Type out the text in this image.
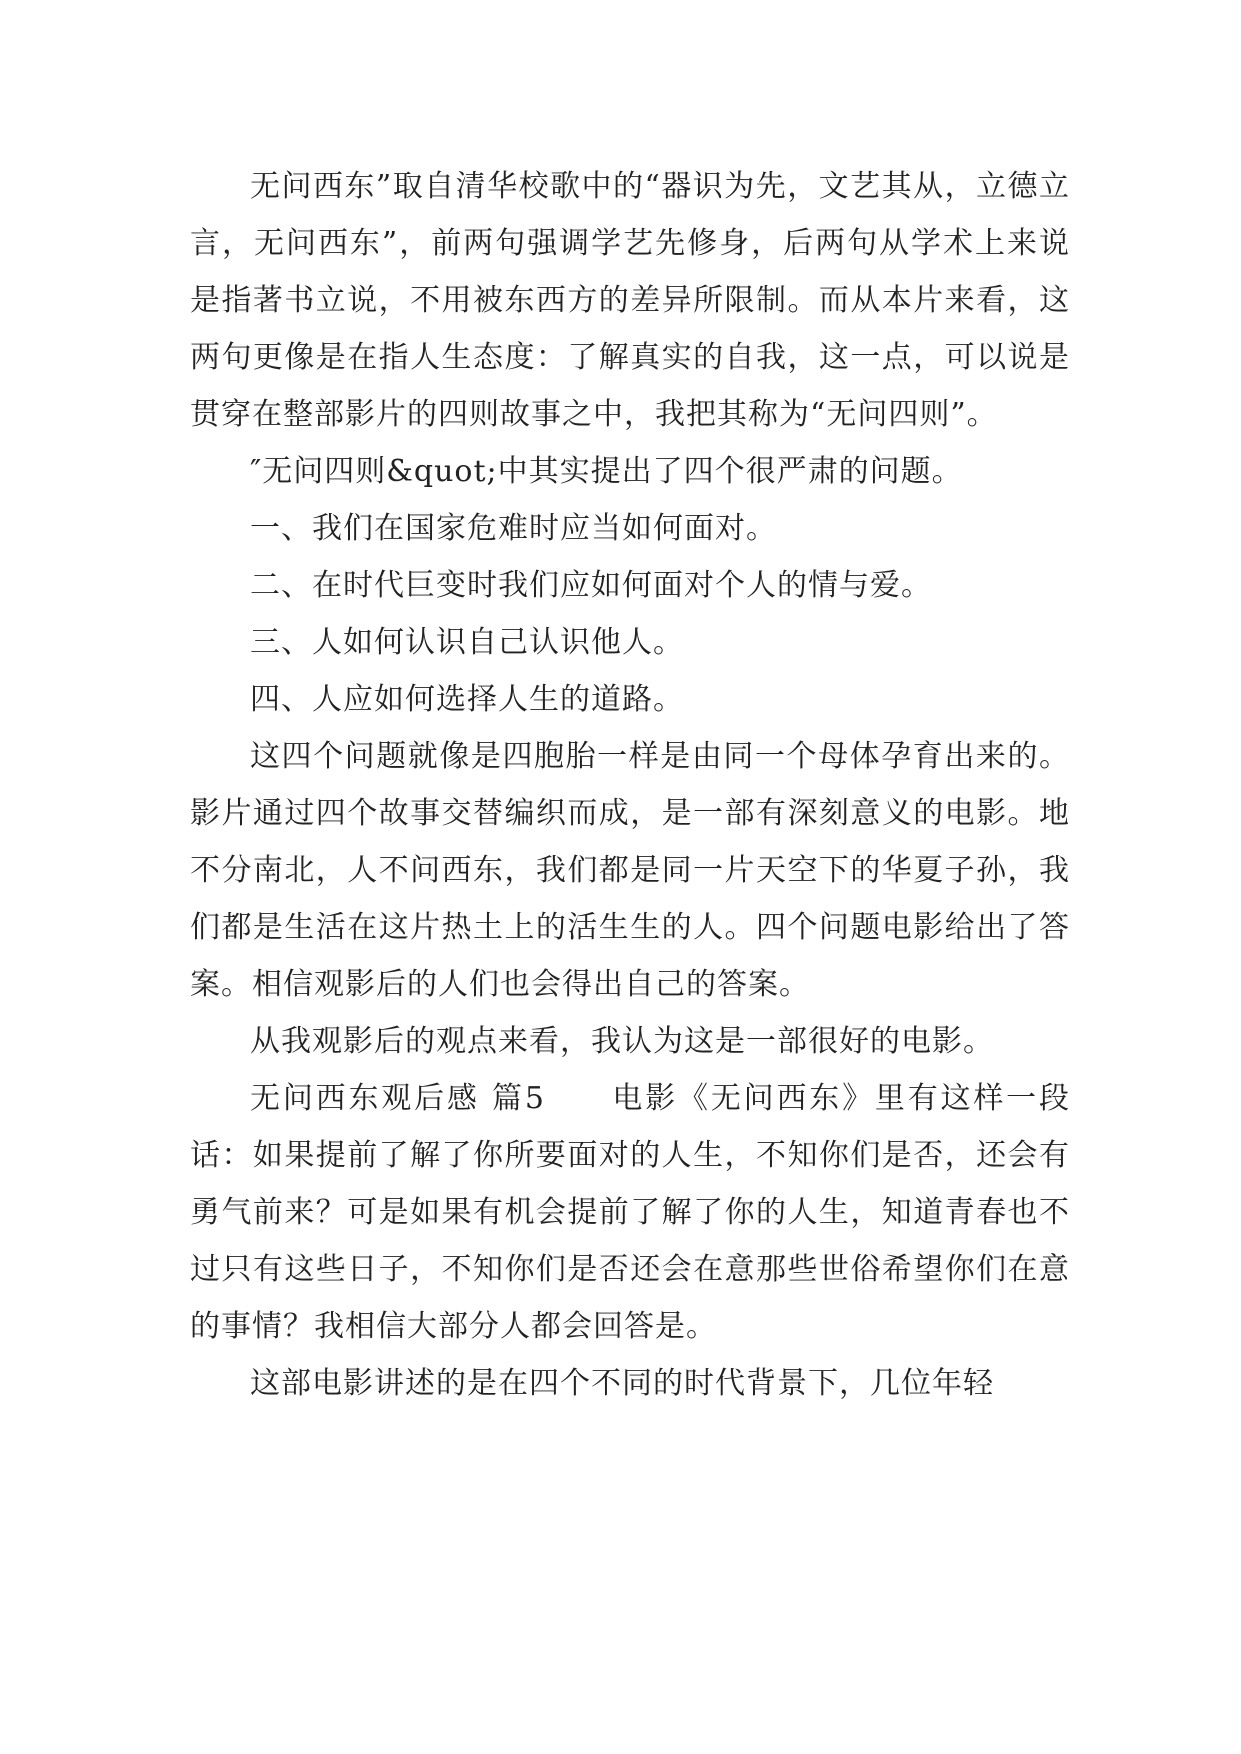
无问西东”取自清华校歌中的“器识为先，文艺其从，立德立言，无问西东”，前两句强调学艺先修身，后两句从学术上来说是指著书立说，不用被东西方的差异所限制。而从本片来看，这两句更像是在指人生态度：了解真实的自我，这一点，可以说是贯穿在整部影片的四则故事之中，我把其称为“无问四则”。

″无问四则&quot;中其实提出了四个很严肃的问题。

一、我们在国家危难时应当如何面对。

二、在时代巨变时我们应如何面对个人的情与爱。

三、人如何认识自己认识他人。

四、人应如何选择人生的道路。

这四个问题就像是四胞胎一样是由同一个母体孕育出来的。影片通过四个故事交替编织而成，是一部有深刻意义的电影。地不分南北，人不问西东，我们都是同一片天空下的华夏子孙，我们都是生活在这片热土上的活生生的人。四个问题电影给出了答案。相信观影后的人们也会得出自己的答案。

从我观影后的观点来看，我认为这是一部很好的电影。

无问西东观后感 篇5　　电影《无问西东》里有这样一段话：如果提前了解了你所要面对的人生，不知你们是否，还会有勇气前来？可是如果有机会提前了解了你的人生，知道青春也不过只有这些日子，不知你们是否还会在意那些世俗希望你们在意的事情？我相信大部分人都会回答是。

这部电影讲述的是在四个不同的时代背景下，几位年轻
